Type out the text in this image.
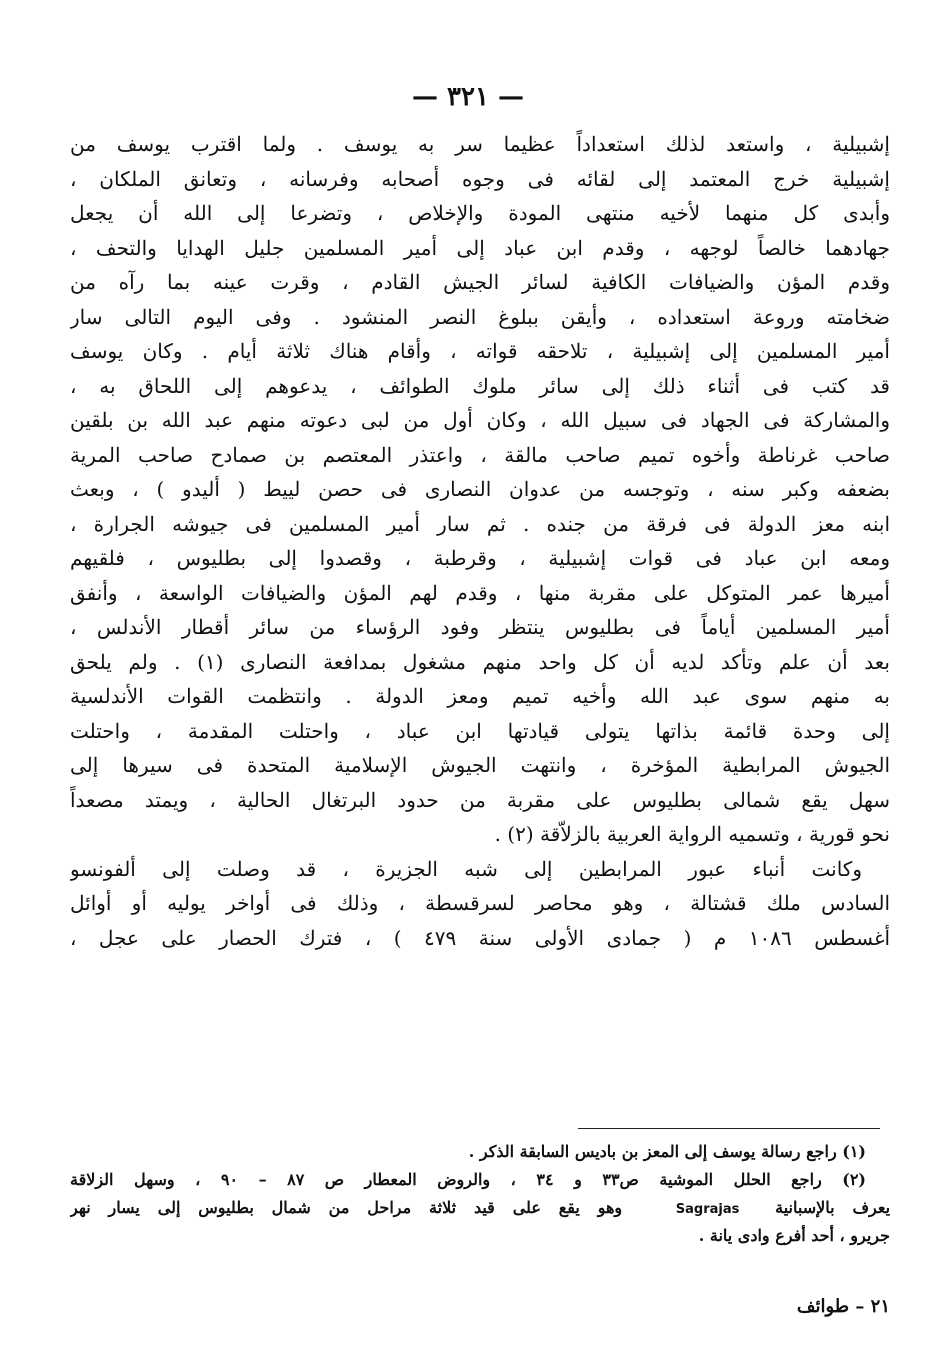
— ٣٢١ —
إشبيلية ، واستعد لذلك استعداداً عظيما سر به يوسف . ولما اقترب يوسف من
إشبيلية خرج المعتمد إلى لقائه فى وجوه أصحابه وفرسانه ، وتعانق الملكان ،
وأبدى كل منهما لأخيه منتهى المودة والإخلاص ، وتضرعا إلى الله أن يجعل
جهادهما خالصاً لوجهه ، وقدم ابن عباد إلى أمير المسلمين جليل الهدايا والتحف ،
وقدم المؤن والضيافات الكافية لسائر الجيش القادم ، وقرت عينه بما رآه من
ضخامته وروعة استعداده ، وأيقن ببلوغ النصر المنشود . وفى اليوم التالى سار
أمير المسلمين إلى إشبيلية ، تلاحقه قواته ، وأقام هناك ثلاثة أيام . وكان يوسف
قد كتب فى أثناء ذلك إلى سائر ملوك الطوائف ، يدعوهم إلى اللحاق به ،
والمشاركة فى الجهاد فى سبيل الله ، وكان أول من لبى دعوته منهم عبد الله بن بلقين
صاحب غرناطة وأخوه تميم صاحب مالقة ، واعتذر المعتصم بن صمادح صاحب المرية
بضعفه وكبر سنه ، وتوجسه من عدوان النصارى فى حصن لييط ( أليدو ) ، وبعث
ابنه معز الدولة فى فرقة من جنده . ثم سار أمير المسلمين فى جيوشه الجرارة ،
ومعه ابن عباد فى قوات إشبيلية ، وقرطبة ، وقصدوا إلى بطليوس ، فلقيهم
أميرها عمر المتوكل على مقربة منها ، وقدم لهم المؤن والضيافات الواسعة ، وأنفق
أمير المسلمين أياماً فى بطليوس ينتظر وفود الرؤساء من سائر أقطار الأندلس ،
بعد أن علم وتأكد لديه أن كل واحد منهم مشغول بمدافعة النصارى (١) . ولم يلحق
به منهم سوى عبد الله وأخيه تميم ومعز الدولة . وانتظمت القوات الأندلسية
إلى وحدة قائمة بذاتها يتولى قيادتها ابن عباد ، واحتلت المقدمة ، واحتلت
الجيوش المرابطية المؤخرة ، وانتهت الجيوش الإسلامية المتحدة فى سيرها إلى
سهل يقع شمالى بطليوس على مقربة من حدود البرتغال الحالية ، ويمتد مصعداً
نحو قورية ، وتسميه الرواية العربية بالزلاّقة (٢) .
وكانت أنباء عبور المرابطين إلى شبه الجزيرة ، قد وصلت إلى ألفونسو
السادس ملك قشتالة ، وهو محاصر لسرقسطة ، وذلك فى أواخر يوليه أو أوائل
أغسطس ١٠٨٦ م ( جمادى الأولى سنة ٤٧٩ ) ، فترك الحصار على عجل ،
(١) راجع رسالة يوسف إلى المعز بن باديس السابقة الذكر .
(٢) راجع الحلل الموشية ص٣٣ و ٣٤ ، والروض المعطار ص ٨٧ – ٩٠ ، وسهل الزلاقة
يعرف بالإسبانية  Sagrajas   وهو يقع على قيد ثلاثة مراحل من شمال بطليوس إلى يسار نهر
جريرو ، أحد أفرع وادى يانة .
٢١ – طوائف
